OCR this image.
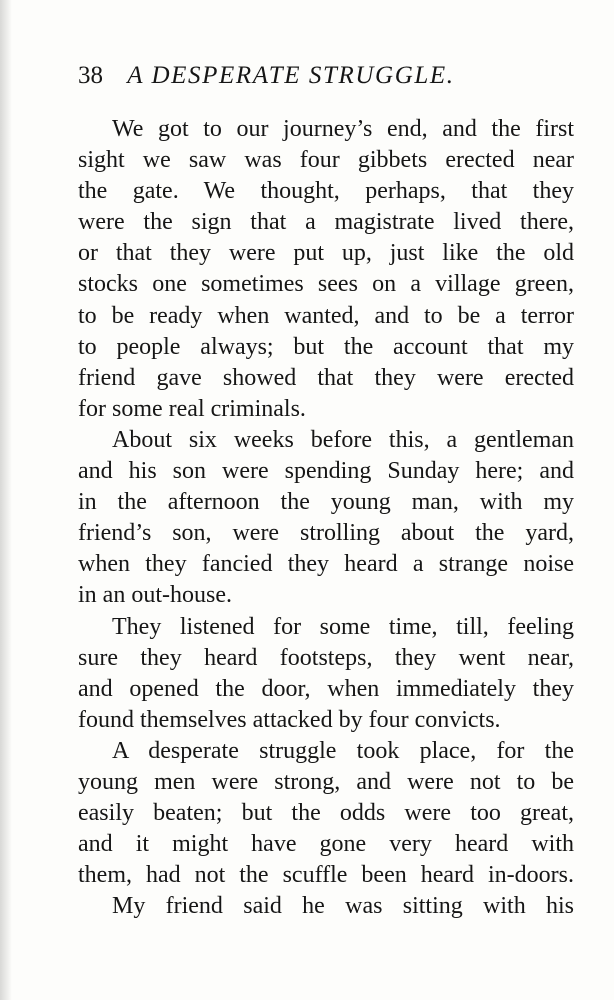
38 A DESPERATE STRUGGLE.
We got to our journey’s end, and the first
sight we saw was four gibbets erected near
the gate. We thought, perhaps, that they
were the sign that a magistrate lived there,
or that they were put up, just like the old
stocks one sometimes sees on a village green,
to be ready when wanted, and to be a terror
to people always; but the account that my
friend gave showed that they were erected
for some real criminals.
About six weeks before this, a gentleman
and his son were spending Sunday here; and
in the afternoon the young man, with my
friend’s son, were strolling about the yard,
when they fancied they heard a strange noise
in an out-house.
They listened for some time, till, feeling
sure they heard footsteps, they went near,
and opened the door, when immediately they
found themselves attacked by four convicts.
A desperate struggle took place, for the
young men were strong, and were not to be
easily beaten; but the odds were too great,
and it might have gone very heard with
them, had not the scuffle been heard in-doors.
My friend said he was sitting with his
